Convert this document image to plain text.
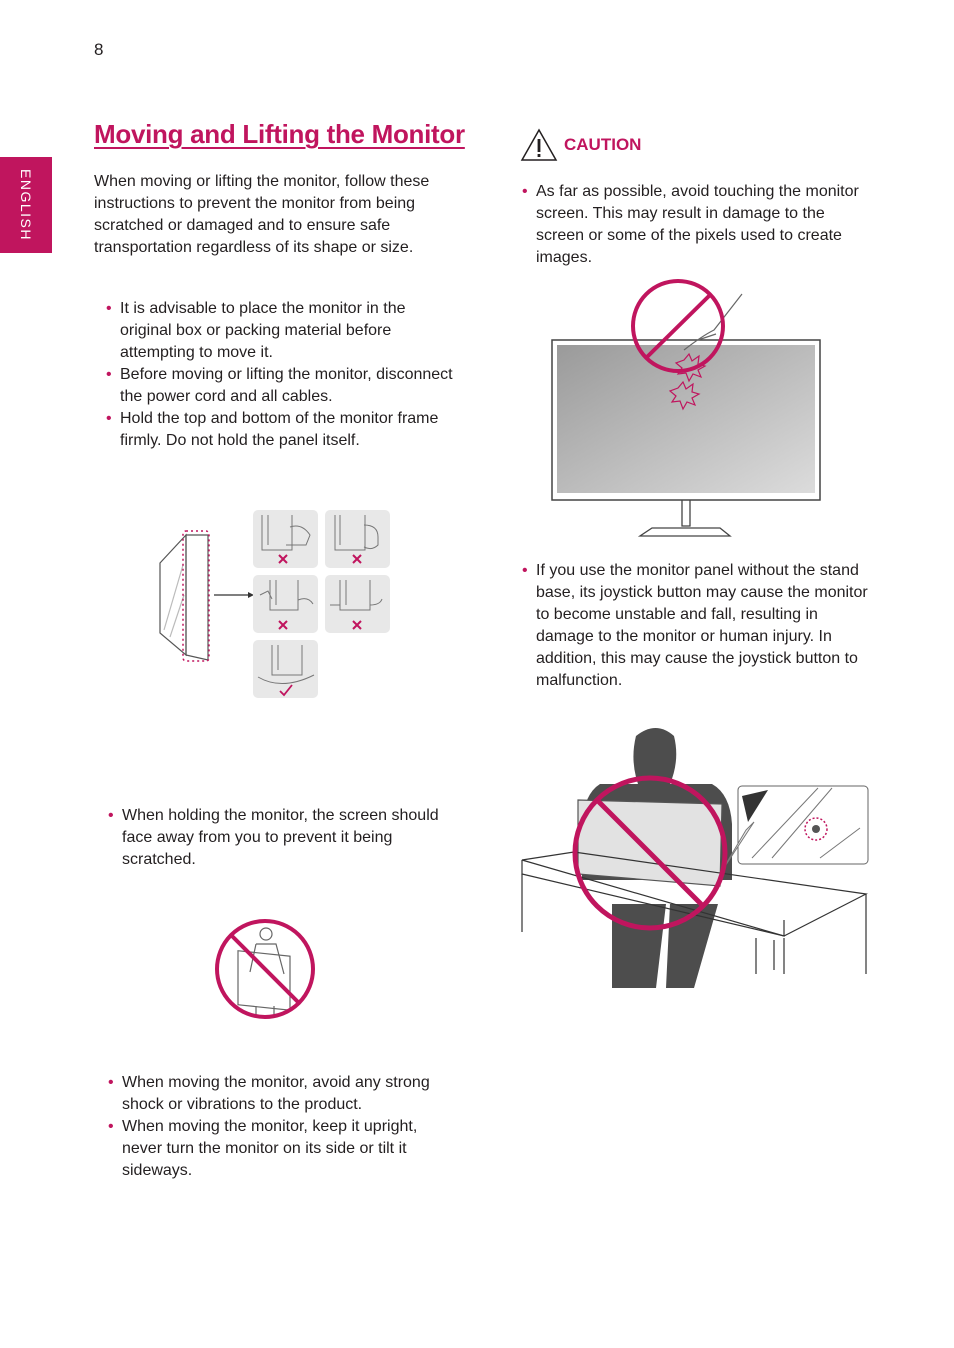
8
ENGLISH
Moving and Lifting the Monitor

When moving or lifting the monitor, follow these instructions to prevent the monitor from being scratched or damaged and to ensure safe transportation regardless of its shape or size.

• It is advisable to place the monitor in the original box or packing material before attempting to move it.
• Before moving or lifting the monitor, disconnect the power cord and all cables.
• Hold the top and bottom of the monitor frame firmly. Do not hold the panel itself.
• When holding the monitor, the screen should face away from you to prevent it being scratched.
• When moving the monitor, avoid any strong shock or vibrations to the product.
• When moving the monitor, keep it upright, never turn the monitor on its side or tilt it sideways.
CAUTION
• As far as possible, avoid touching the monitor screen. This may result in damage to the screen or some of the pixels used to create images.
• If you use the monitor panel without the stand base, its joystick button may cause the monitor to become unstable and fall, resulting in damage to the monitor or human injury. In addition, this may cause the joystick button to malfunction.
